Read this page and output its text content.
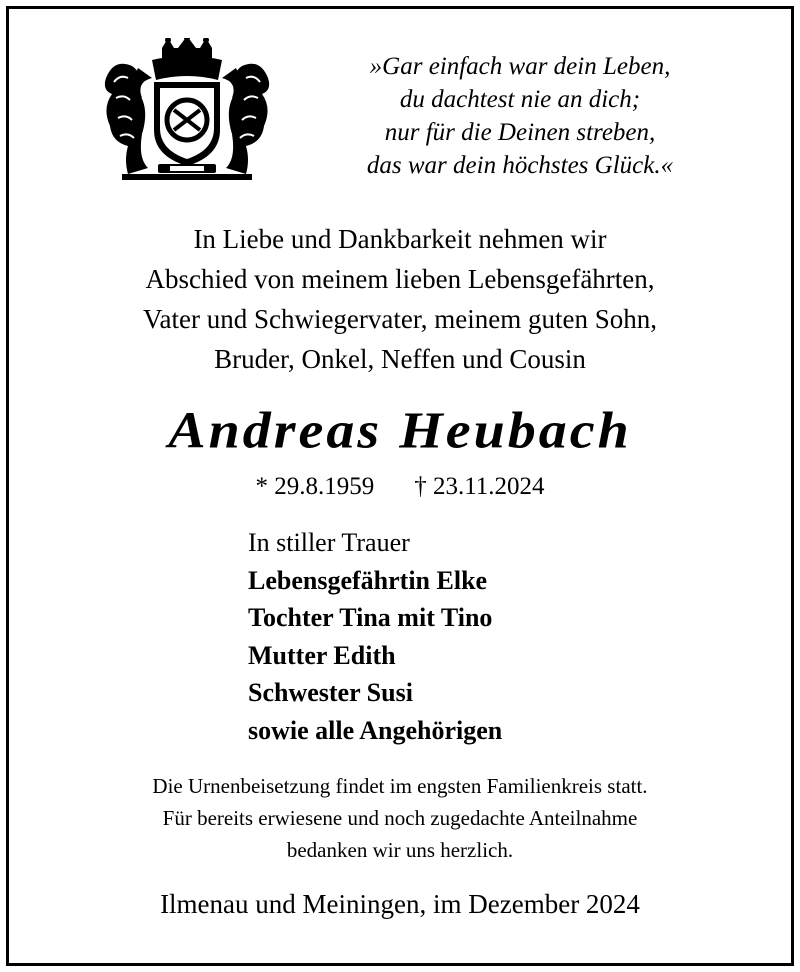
»Gar einfach war dein Leben,
du dachtest nie an dich;
nur für die Deinen streben,
das war dein höchstes Glück.«
In Liebe und Dankbarkeit nehmen wir
Abschied von meinem lieben Lebensgefährten,
Vater und Schwiegervater, meinem guten Sohn,
Bruder, Onkel, Neffen und Cousin
Andreas Heubach
* 29.8.1959 † 23.11.2024
In stiller Trauer
Lebensgefährtin Elke
Tochter Tina mit Tino
Mutter Edith
Schwester Susi
sowie alle Angehörigen
Die Urnenbeisetzung findet im engsten Familienkreis statt.
Für bereits erwiesene und noch zugedachte Anteilnahme
bedanken wir uns herzlich.
Ilmenau und Meiningen, im Dezember 2024
